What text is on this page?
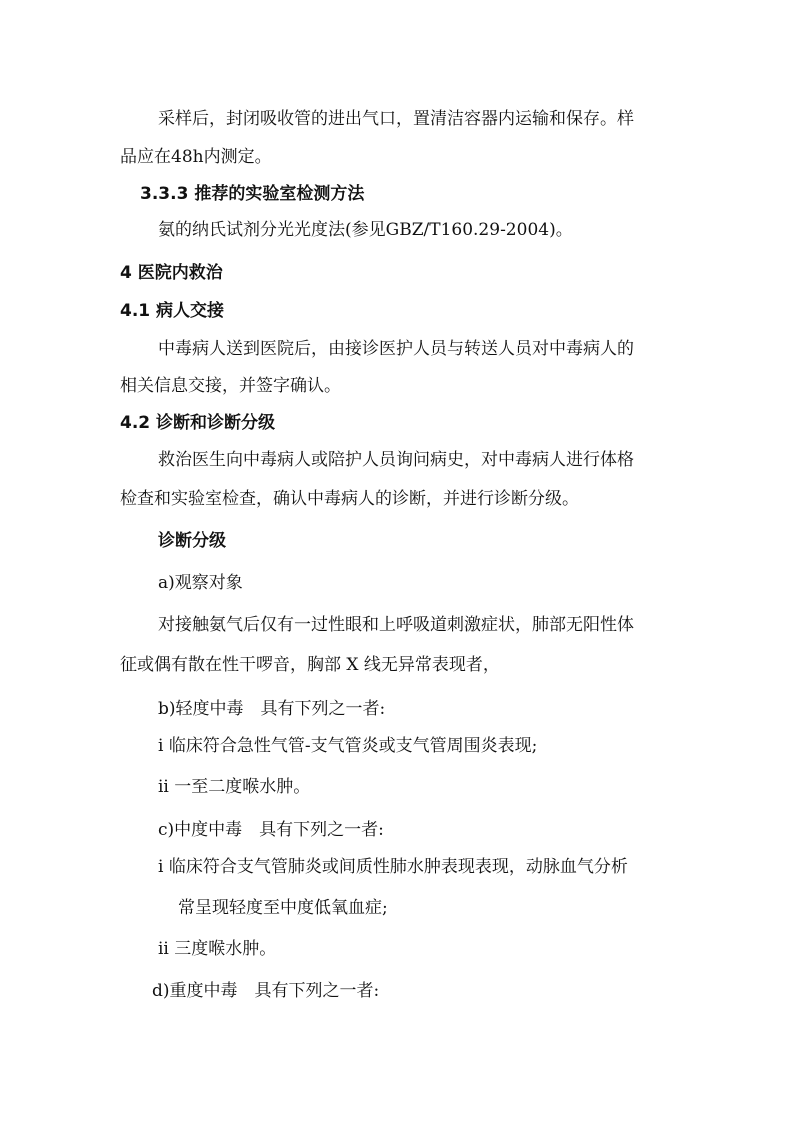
采样后，封闭吸收管的进出气口，置清洁容器内运输和保存。样
品应在48h内测定。
3.3.3 推荐的实验室检测方法
氨的纳氏试剂分光光度法(参见GBZ/T160.29-2004)。
4 医院内救治
4.1 病人交接
中毒病人送到医院后，由接诊医护人员与转送人员对中毒病人的
相关信息交接，并签字确认。
4.2 诊断和诊断分级
救治医生向中毒病人或陪护人员询问病史，对中毒病人进行体格
检查和实验室检查，确认中毒病人的诊断，并进行诊断分级。
诊断分级
a)观察对象
对接触氨气后仅有一过性眼和上呼吸道刺激症状，肺部无阳性体
征或偶有散在性干啰音，胸部 X 线无异常表现者，
b)轻度中毒　具有下列之一者:
i 临床符合急性气管-支气管炎或支气管周围炎表现;
ii 一至二度喉水肿。
c)中度中毒　具有下列之一者:
i 临床符合支气管肺炎或间质性肺水肿表现表现，动脉血气分析
常呈现轻度至中度低氧血症;
ii 三度喉水肿。
d)重度中毒　具有下列之一者:
